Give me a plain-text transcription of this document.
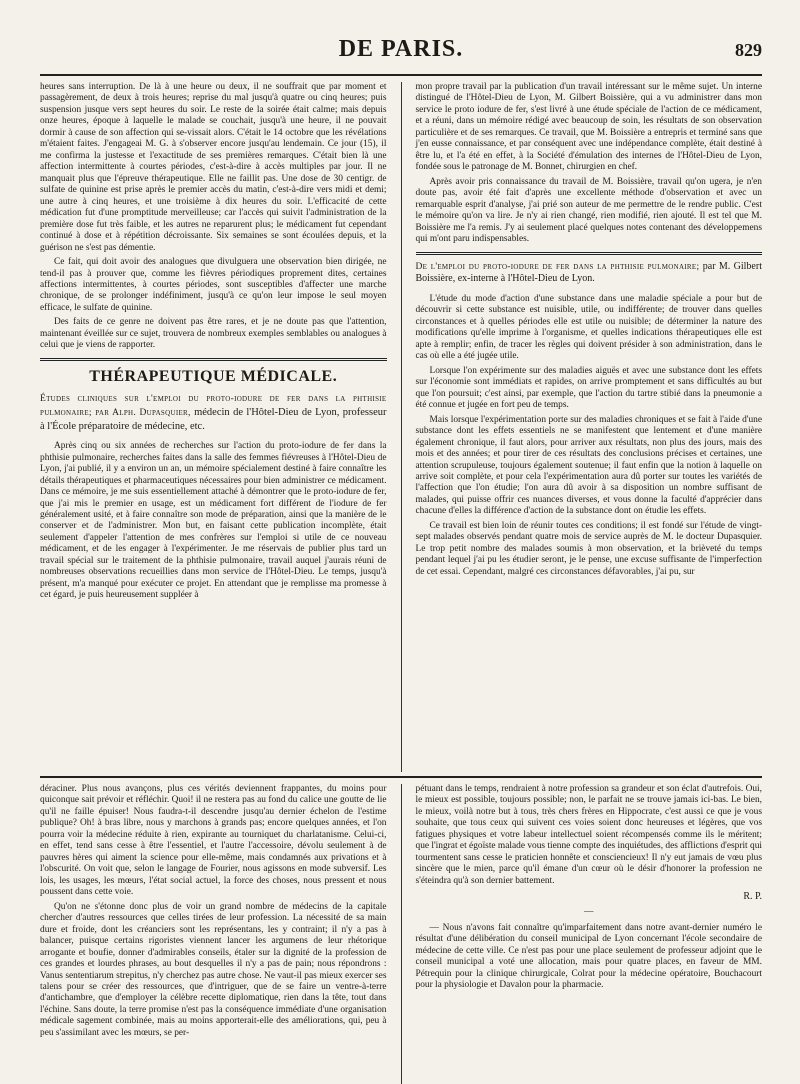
DE PARIS.	829

heures sans interruption. De là à une heure ou deux, il ne souffrait que par moment et passagèrement, de deux à trois heures; reprise du mal jusqu'à quatre ou cinq heures; puis suspension jusque vers sept heures du soir. Le reste de la soirée était calme; mais depuis onze heures, époque à laquelle le malade se couchait, jusqu'à une heure, il ne pouvait dormir à cause de son affection qui se-vissait alors. C'était le 14 octobre que les révélations m'étaient faites. J'engageai M. G. à s'observer encore jusqu'au lendemain. Ce jour (15), il me confirma la justesse et l'exactitude de ses premières remarques. C'était bien là une affection intermittente à courtes périodes, c'est-à-dire à accès multiples par jour. Il ne manquait plus que l'épreuve thérapeutique. Elle ne faillit pas. Une dose de 30 centigr. de sulfate de quinine est prise après le premier accès du matin, c'est-à-dire vers midi et demi; une autre à cinq heures, et une troisième à dix heures du soir. L'efficacité de cette médication fut d'une promptitude merveilleuse; car l'accès qui suivit l'administration de la première dose fut très faible, et les autres ne reparurent plus; le médicament fut cependant continué à dose et à répétition décroissante. Six semaines se sont écoulées depuis, et la guérison ne s'est pas démentie.

Ce fait, qui doit avoir des analogues que divulguera une observation bien dirigée, ne tend-il pas à prouver que, comme les fièvres périodiques proprement dites, certaines affections intermittentes, à courtes périodes, sont susceptibles d'affecter une marche chronique, de se prolonger indéfiniment, jusqu'à ce qu'on leur impose le seul moyen efficace, le sulfate de quinine.

Des faits de ce genre ne doivent pas être rares, et je ne doute pas que l'attention, maintenant éveillée sur ce sujet, trouvera de nombreux exemples semblables ou analogues à celui que je viens de rapporter.

THÉRAPEUTIQUE MÉDICALE.
Études cliniques sur l'emploi du proto-iodure de fer dans la phthisie pulmonaire; par Alph. Dupasquier, médecin de l'Hôtel-Dieu de Lyon, professeur à l'École préparatoire de médecine, etc.

Après cinq ou six années de recherches sur l'action du proto-iodure de fer dans la phthisie pulmonaire, recherches faites dans la salle des femmes fiévreuses à l'Hôtel-Dieu de Lyon, j'ai publié, il y a environ un an, un mémoire spécialement destiné à faire connaître les détails thérapeutiques et pharmaceutiques nécessaires pour bien administrer ce médicament. Dans ce mémoire, je me suis essentiellement attaché à démontrer que le proto-iodure de fer, que j'ai mis le premier en usage, est un médicament fort différent de l'iodure de fer généralement usité, et à faire connaître son mode de préparation, ainsi que la manière de le conserver et de l'administrer. Mon but, en faisant cette publication incomplète, était seulement d'appeler l'attention de mes confrères sur l'emploi si utile de ce nouveau médicament, et de les engager à l'expérimenter. Je me réservais de publier plus tard un travail spécial sur le traitement de la phthisie pulmonaire, travail auquel j'aurais réuni de nombreuses observations recueillies dans mon service de l'Hôtel-Dieu. Le temps, jusqu'à présent, m'a manqué pour exécuter ce projet. En attendant que je remplisse ma promesse à cet égard, je puis heureusement suppléer à

mon propre travail par la publication d'un travail intéressant sur le même sujet. Un interne distingué de l'Hôtel-Dieu de Lyon, M. Gilbert Boissière, qui a vu administrer dans mon service le proto iodure de fer, s'est livré à une étude spéciale de l'action de ce médicament, et a réuni, dans un mémoire rédigé avec beaucoup de soin, les résultats de son observation particulière et de ses remarques. Ce travail, que M. Boissière a entrepris et terminé sans que j'en eusse connaissance, et par conséquent avec une indépendance complète, était destiné à être lu, et l'a été en effet, à la Société d'émulation des internes de l'Hôtel-Dieu de Lyon, fondée sous le patronage de M. Bonnet, chirurgien en chef.

Après avoir pris connaissance du travail de M. Boissière, travail qu'on ugera, je n'en doute pas, avoir été fait d'après une excellente méthode d'observation et avec un remarquable esprit d'analyse, j'ai prié son auteur de me permettre de le rendre public. C'est le mémoire qu'on va lire. Je n'y ai rien changé, rien modifié, rien ajouté. Il est tel que M. Boissière me l'a remis. J'y ai seulement placé quelques notes contenant des développemens qui m'ont paru indispensables.

De l'emploi du proto-iodure de fer dans la phthisie pulmonaire; par M. Gilbert Boissière, ex-interne à l'Hôtel-Dieu de Lyon.

L'étude du mode d'action d'une substance dans une maladie spéciale a pour but de découvrir si cette substance est nuisible, utile, ou indifférente; de trouver dans quelles circonstances et à quelles périodes elle est utile ou nuisible; de déterminer la nature des modifications qu'elle imprime à l'organisme, et quelles indications thérapeutiques elle est apte à remplir; enfin, de tracer les règles qui doivent présider à son administration, dans le cas où elle a été jugée utile.

Lorsque l'on expérimente sur des maladies aiguës et avec une substance dont les effets sur l'économie sont immédiats et rapides, on arrive promptement et sans difficultés au but que l'on poursuit; c'est ainsi, par exemple, que l'action du tartre stibié dans la pneumonie a été connue et jugée en fort peu de temps.

Mais lorsque l'expérimentation porte sur des maladies chroniques et se fait à l'aide d'une substance dont les effets essentiels ne se manifestent que lentement et d'une manière également chronique, il faut alors, pour arriver aux résultats, non plus des jours, mais des mois et des années; et pour tirer de ces résultats des conclusions précises et certaines, une attention scrupuleuse, toujours également soutenue; il faut enfin que la notion à laquelle on arrive soit complète, et pour cela l'expérimentation aura dû porter sur toutes les variétés de l'affection que l'on étudie; l'on aura dû avoir à sa disposition un nombre suffisant de malades, qui puisse offrir ces nuances diverses, et vous donne la faculté d'apprécier dans chacune d'elles la différence d'action de la substance dont on étudie les effets.

Ce travail est bien loin de réunir toutes ces conditions; il est fondé sur l'étude de vingt-sept malades observés pendant quatre mois de service auprès de M. le docteur Dupasquier. Le trop petit nombre des malades soumis à mon observation, et la brièveté du temps pendant lequel j'ai pu les étudier seront, je le pense, une excuse suffisante de l'imperfection de cet essai. Cependant, malgré ces circonstances défavorables, j'ai pu, sur

déraciner. Plus nous avançons, plus ces vérités deviennent frappantes, du moins pour quiconque sait prévoir et réfléchir. Quoi! il ne restera pas au fond du calice une goutte de lie qu'il ne faille épuiser! Nous faudra-t-il descendre jusqu'au dernier échelon de l'estime publique? Oh! à bras libre, nous y marchons à grands pas; encore quelques années, et l'on pourra voir la médecine réduite à rien, expirante au tourniquet du charlatanisme. Celui-ci, en effet, tend sans cesse à être l'essentiel, et l'autre l'accessoire, dévolu seulement à de pauvres hères qui aiment la science pour elle-même, mais condamnés aux privations et à l'obscurité. On voit que, selon le langage de Fourier, nous agissons en mode subversif. Les lois, les usages, les mœurs, l'état social actuel, la force des choses, nous pressent et nous poussent dans cette voie.

Qu'on ne s'étonne donc plus de voir un grand nombre de médecins de la capitale chercher d'autres ressources que celles tirées de leur profession. La nécessité de sa main dure et froide, dont les créanciers sont les représentans, les y contraint; il n'y a pas à balancer, puisque certains rigoristes viennent lancer les argumens de leur rhétorique arrogante et boufie, donner d'admirables conseils, étaler sur la dignité de la profession de ces grandes et lourdes phrases, au bout desquelles il n'y a pas de pain; nous répondrons : Vanus sententiarum strepitus, n'y cherchez pas autre chose. Ne vaut-il pas mieux exercer ses talens pour se créer des ressources, que d'intriguer, que de se faire un ventre-à-terre d'antichambre, que d'employer la célèbre recette diplomatique, rien dans la tête, tout dans l'échine. Sans doute, la terre promise n'est pas la conséquence immédiate d'une organisation médicale sagement combinée, mais au moins apporterait-elle des améliorations, qui, peu à peu s'assimilant avec les mœurs, se per-

pétuant dans le temps, rendraient à notre profession sa grandeur et son éclat d'autrefois. Oui, le mieux est possible, toujours possible; non, le parfait ne se trouve jamais ici-bas. Le bien, le mieux, voilà notre but à tous, très chers frères en Hippocrate, c'est aussi ce que je vous souhaite, que tous ceux qui suivent ces voies soient donc heureuses et légères, que vos fatigues physiques et votre labeur intellectuel soient récompensés comme ils le méritent; que l'ingrat et égoïste malade vous tienne compte des inquiétudes, des afflictions d'esprit qui tourmentent sans cesse le praticien honnête et consciencieux! Il n'y eut jamais de vœu plus sincère que le mien, parce qu'il émane d'un cœur où le désir d'honorer la profession ne s'éteindra qu'à son dernier battement.

R. P.
—

— Nous n'avons fait connaître qu'imparfaitement dans notre avant-dernier numéro le résultat d'une délibération du conseil municipal de Lyon concernant l'école secondaire de médecine de cette ville. Ce n'est pas pour une place seulement de professeur adjoint que le conseil municipal a voté une allocation, mais pour quatre places, en faveur de MM. Pétrequin pour la clinique chirurgicale, Colrat pour la médecine opératoire, Bouchacourt pour la physiologie et Davalon pour la pharmacie.
